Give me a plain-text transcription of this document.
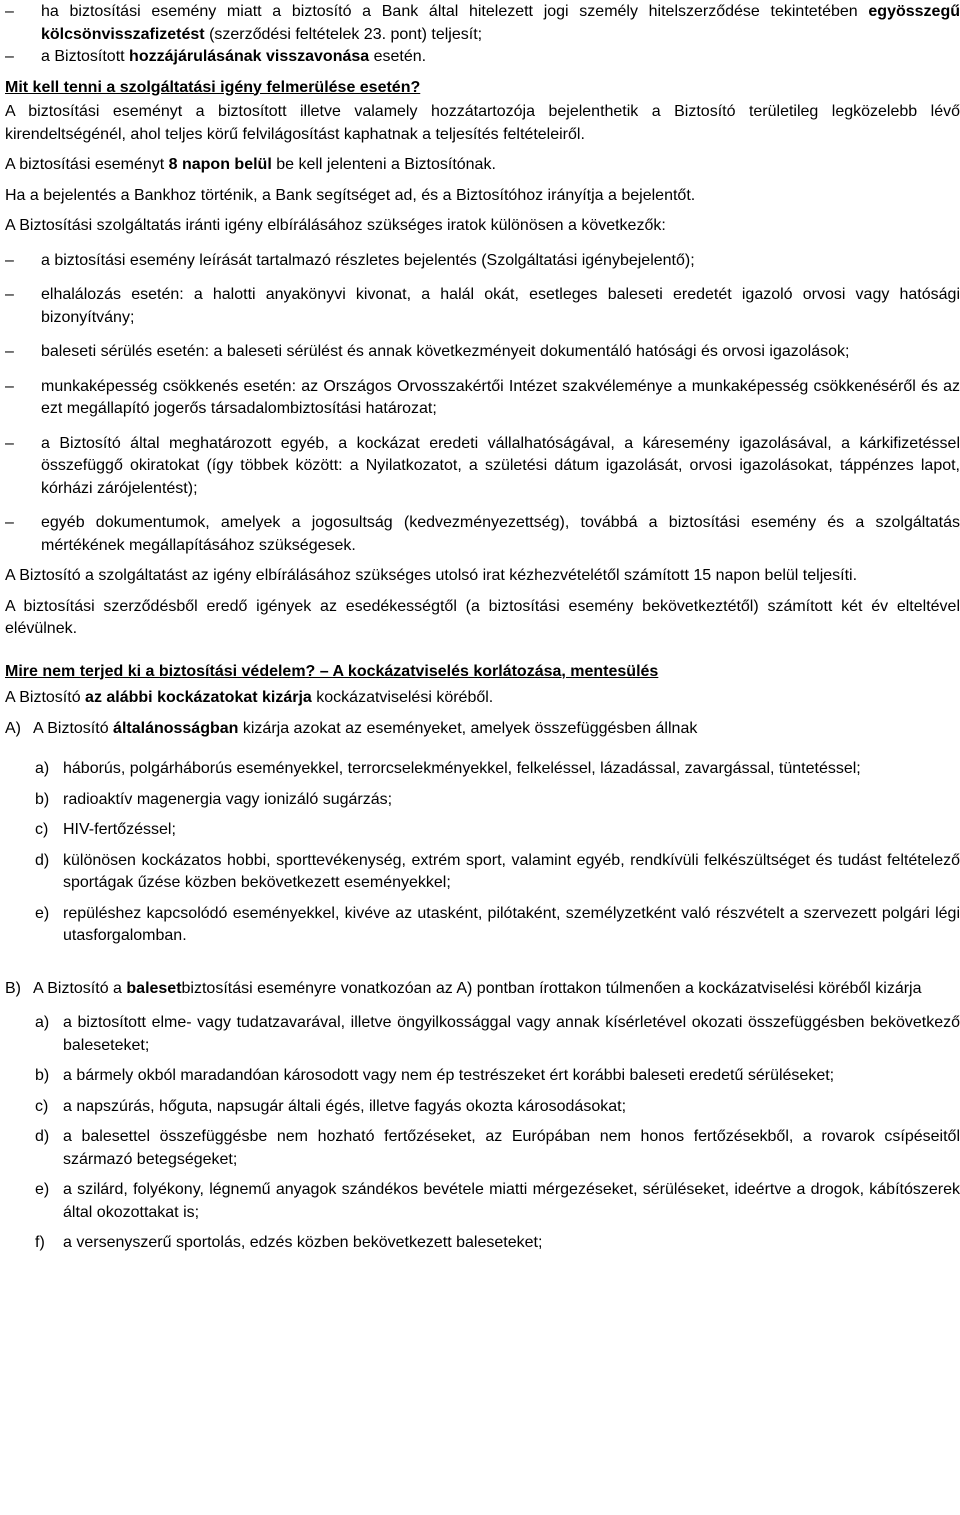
–	ha biztosítási esemény miatt a biztosító a Bank által hitelezett jogi személy hitelszerződése tekintetében egyösszegű kölcsönvisszafizetést (szerződési feltételek 23. pont) teljesít;
–	a Biztosított hozzájárulásának visszavonása esetén.
Mit kell tenni a szolgáltatási igény felmerülése esetén?
A biztosítási eseményt a biztosított illetve valamely hozzátartozója bejelenthetik a Biztosító területileg legközelebb lévő kirendeltségénél, ahol teljes körű felvilágosítást kaphatnak a teljesítés feltételeiről.
A biztosítási eseményt 8 napon belül be kell jelenteni a Biztosítónak.
Ha a bejelentés a Bankhoz történik, a Bank segítséget ad, és a Biztosítóhoz irányítja a bejelentőt.
A Biztosítási szolgáltatás iránti igény elbírálásához szükséges iratok különösen a következők:
–	a biztosítási esemény leírását tartalmazó részletes bejelentés (Szolgáltatási igénybejelentő);
–	elhalálozás esetén: a halotti anyakönyvi kivonat, a halál okát, esetleges baleseti eredetét igazoló orvosi vagy hatósági bizonyítvány;
–	baleseti sérülés esetén: a baleseti sérülést és annak következményeit dokumentáló hatósági és orvosi igazolások;
–	munkaképesség csökkenés esetén: az Országos Orvosszakértői Intézet szakvéleménye a munkaképesség csökkenéséről és az ezt megállapító jogerős társadalombiztosítási határozat;
–	a Biztosító által meghatározott egyéb, a kockázat eredeti vállalhatóságával, a káresemény igazolásával, a kárkifizetéssel összefüggő okiratokat (így többek között: a Nyilatkozatot, a születési dátum igazolását, orvosi igazolásokat, táppénzes lapot, kórházi zárójelentést);
–	egyéb dokumentumok, amelyek a jogosultság (kedvezményezettség), továbbá a biztosítási esemény és a szolgáltatás mértékének megállapításához szükségesek.
A Biztosító a szolgáltatást az igény elbírálásához szükséges utolsó irat kézhezvételétől számított 15 napon belül teljesíti.
A biztosítási szerződésből eredő igények az esedékességtől (a biztosítási esemény bekövetkeztétől) számított két év elteltével elévülnek.
Mire nem terjed ki a biztosítási védelem? – A kockázatviselés korlátozása, mentesülés
A Biztosító az alábbi kockázatokat kizárja kockázatviselési köréből.
A) A Biztosító általánosságban kizárja azokat az eseményeket, amelyek összefüggésben állnak
a) háborús, polgárháborús eseményekkel, terrorcselekményekkel, felkeléssel, lázadással, zavargással, tüntetéssel;
b) radioaktív magenergia vagy ionizáló sugárzás;
c) HIV-fertőzéssel;
d) különösen kockázatos hobbi, sporttevékenység, extrém sport, valamint egyéb, rendkívüli felkészültséget és tudást feltételező sportágak űzése közben bekövetkezett eseményekkel;
e) repüléshez kapcsolódó eseményekkel, kivéve az utasként, pilótaként, személyzetként való részvételt a szervezett polgári légi utasforgalomban.
B) A Biztosító a balesetbiztosítási eseményre vonatkozóan az A) pontban írottakon túlmenően a kockázatviselési köréből kizárja
a) a biztosított elme- vagy tudatzavarával, illetve öngyilkossággal vagy annak kísérletével okozati összefüggésben bekövetkező baleseteket;
b) a bármely okból maradandóan károsodott vagy nem ép testrészeket ért korábbi baleseti eredetű sérüléseket;
c) a napszúrás, hőguta, napsugár általi égés, illetve fagyás okozta károsodásokat;
d) a balesettel összefüggésbe nem hozható fertőzéseket, az Európában nem honos fertőzésekből, a rovarok csípéseitől származó betegségeket;
e) a szilárd, folyékony, légnemű anyagok szándékos bevétele miatti mérgezéseket, sérüléseket, ideértve a drogok, kábítószerek által okozottakat is;
f)	a versenyszerű sportolás, edzés közben bekövetkezett baleseteket;
